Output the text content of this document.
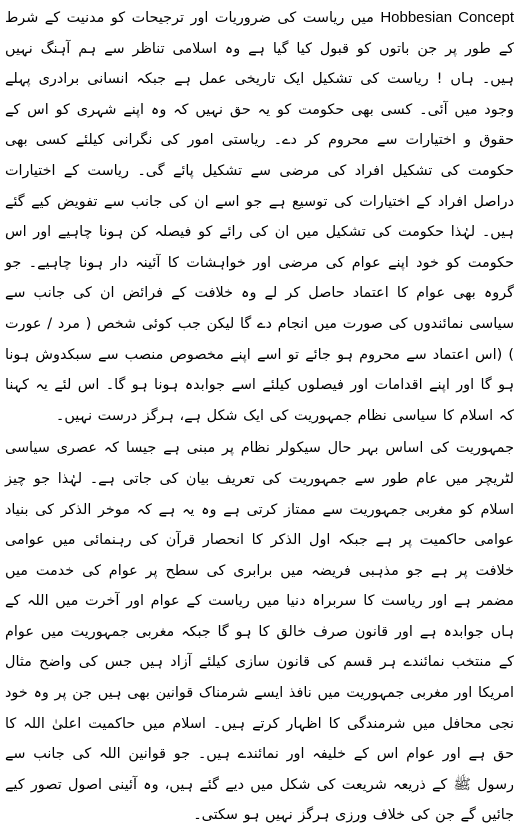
Hobbesian Concept میں ریاست کی ضروریات اور ترجیحات کو مدنیت کے شرط کے طور پر جن باتوں کو قبول کیا گیا ہے وہ اسلامی تناظر سے ہم آہنگ نہیں ہیں۔ ہاں ! ریاست کی تشکیل ایک تاریخی عمل ہے جبکہ انسانی برادری پہلے وجود میں آئی۔ کسی بھی حکومت کو یہ حق نہیں کہ وہ اپنے شہری کو اس کے حقوق و اختیارات سے محروم کر دے۔ ریاستی امور کی نگرانی کیلئے کسی بھی حکومت کی تشکیل افراد کی مرضی سے تشکیل پائے گی۔ ریاست کے اختیارات دراصل افراد کے اختیارات کی توسیع ہے جو اسے ان کی جانب سے تفویض کیے گئے ہیں۔ لہٰذا حکومت کی تشکیل میں ان کی رائے کو فیصلہ کن ہونا چاہیے اور اس حکومت کو خود اپنے عوام کی مرضی اور خواہشات کا آئینہ دار ہونا چاہیے۔ جو گروہ بھی عوام کا اعتماد حاصل کر لے وہ خلافت کے فرائض ان کی جانب سے سیاسی نمائندوں کی صورت میں انجام دے گا لیکن جب کوئی شخص ( مرد / عورت ) (اس اعتماد سے محروم ہو جائے تو اسے اپنے مخصوص منصب سے سبکدوش ہونا ہو گا اور اپنے اقدامات اور فیصلوں کیلئے اسے جوابدہ ہونا ہو گا۔ اس لئے یہ کہنا کہ اسلام کا سیاسی نظام جمہوریت کی ایک شکل ہے، ہرگز درست نہیں۔

جمہوریت کی اساس بہر حال سیکولر نظام پر مبنی ہے جیسا کہ عصری سیاسی لٹریچر میں عام طور سے جمہوریت کی تعریف بیان کی جاتی ہے۔ لہٰذا جو چیز اسلام کو مغربی جمہوریت سے ممتاز کرتی ہے وہ یہ ہے کہ موخر الذکر کی بنیاد عوامی حاکمیت پر ہے جبکہ اول الذکر کا انحصار قرآن کی رہنمائی میں عوامی خلافت پر ہے جو مذہبی فریضہ میں برابری کی سطح پر عوام کی خدمت میں مضمر ہے اور ریاست کا سربراہ دنیا میں ریاست کے عوام اور آخرت میں اللہ کے ہاں جوابدہ ہے اور قانون صرف خالق کا ہو گا جبکہ مغربی جمہوریت میں عوام کے منتخب نمائندے ہر قسم کی قانون سازی کیلئے آزاد ہیں جس کی واضح مثال امریکا اور مغربی جمہوریت میں نافذ ایسے شرمناک قوانین بھی ہیں جن پر وہ خود نجی محافل میں شرمندگی کا اظہار کرتے ہیں۔ اسلام میں حاکمیت اعلیٰ اللہ کا حق ہے اور عوام اس کے خلیفہ اور نمائندے ہیں۔ جو قوانین اللہ کی جانب سے رسول ﷺ کے ذریعہ شریعت کی شکل میں دیے گئے ہیں، وہ آئینی اصول تصور کیے جائیں گے جن کی خلاف ورزی ہرگز نہیں ہو سکتی۔
